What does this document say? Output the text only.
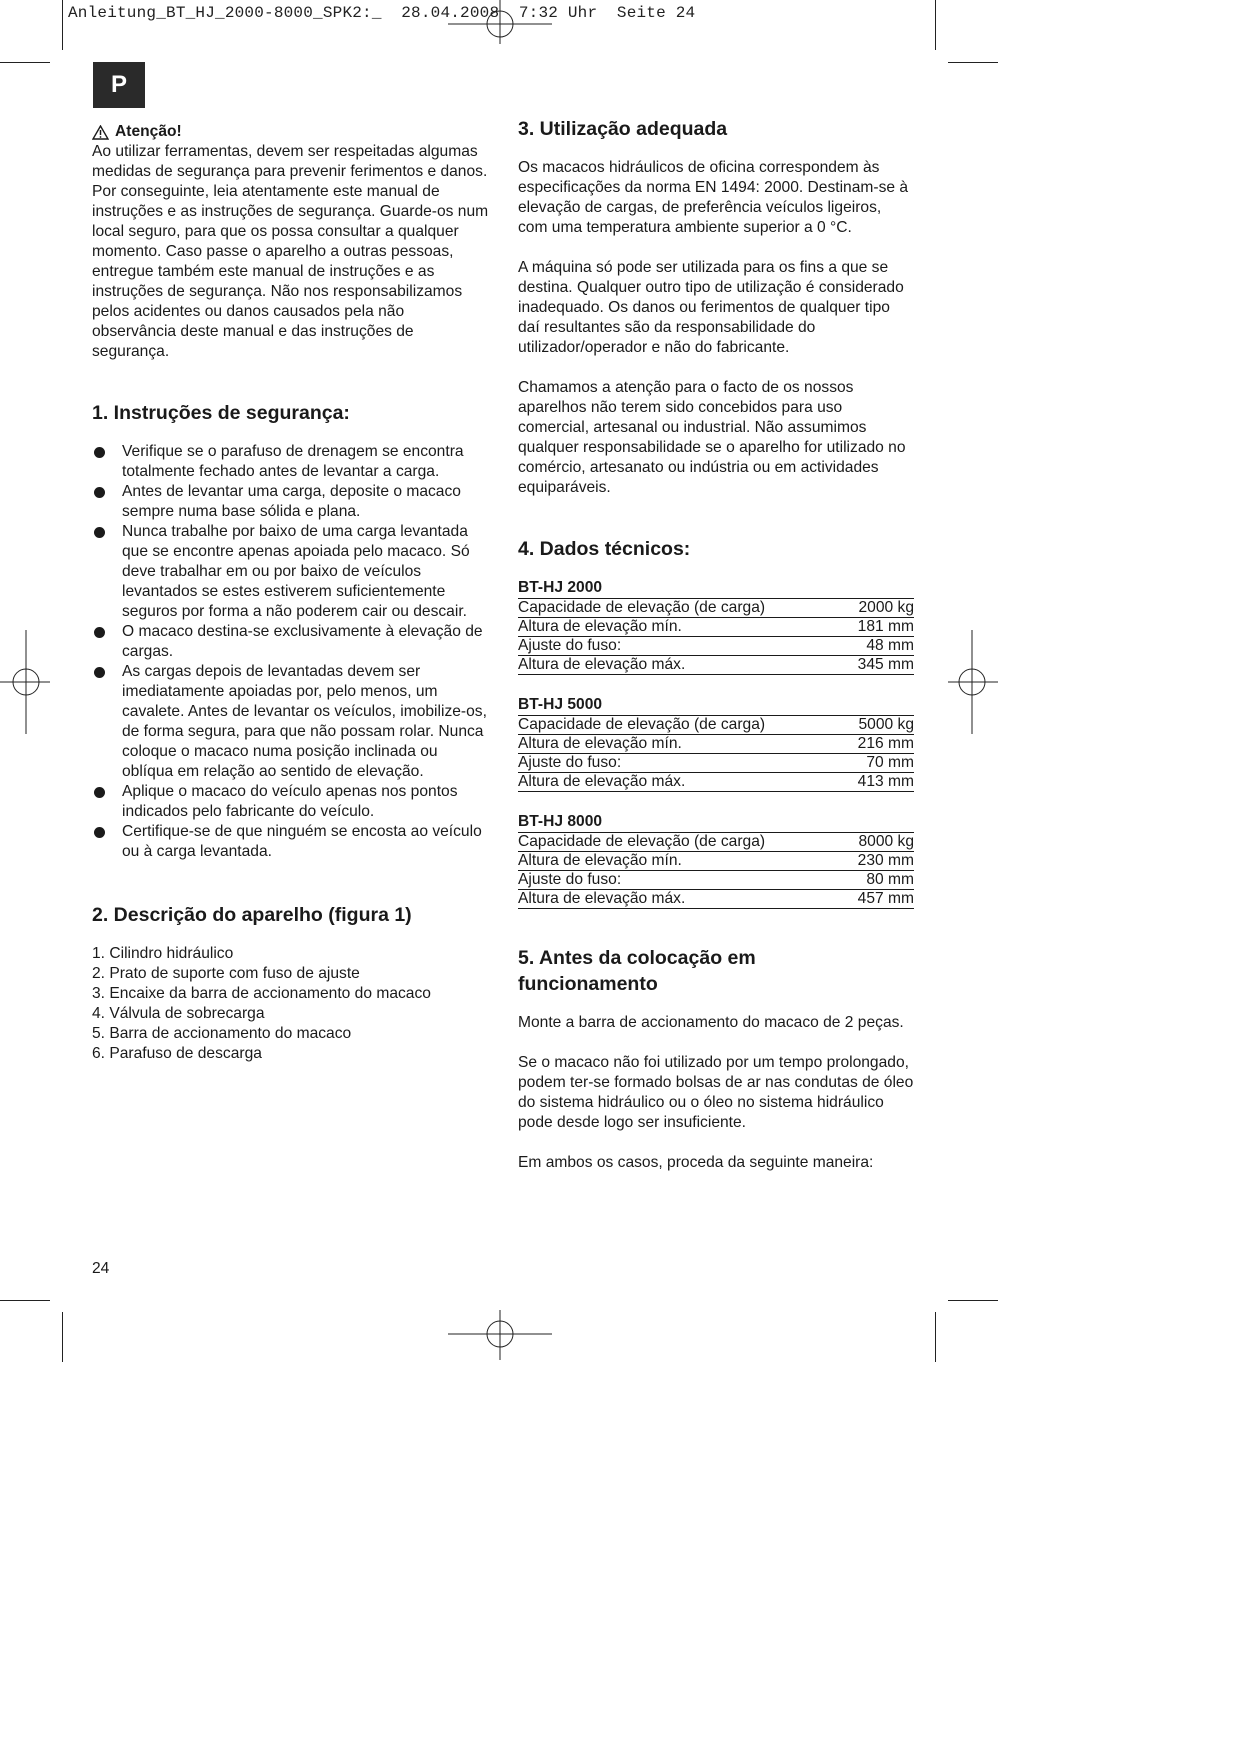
Anleitung_BT_HJ_2000-8000_SPK2:_  28.04.2008  7:32 Uhr  Seite 24
P
Atenção!

Ao utilizar ferramentas, devem ser respeitadas algumas medidas de segurança para prevenir ferimentos e danos. Por conseguinte, leia atentamente este manual de instruções e as instruções de segurança. Guarde-os num local seguro, para que os possa consultar a qualquer momento. Caso passe o aparelho a outras pessoas, entregue também este manual de instruções e as instruções de segurança. Não nos responsabilizamos pelos acidentes ou danos causados pela não observância deste manual e das instruções de segurança.

1. Instruções de segurança:
Verifique se o parafuso de drenagem se encontra totalmente fechado antes de levantar a carga.
Antes de levantar uma carga, deposite o macaco sempre numa base sólida e plana.
Nunca trabalhe por baixo de uma carga levantada que se encontre apenas apoiada pelo macaco. Só deve trabalhar em ou por baixo de veículos levantados se estes estiverem suficientemente seguros por forma a não poderem cair ou descair.
O macaco destina-se exclusivamente à elevação de cargas.
As cargas depois de levantadas devem ser imediatamente apoiadas por, pelo menos, um cavalete. Antes de levantar os veículos, imobilize-os, de forma segura, para que não possam rolar. Nunca coloque o macaco numa posição inclinada ou oblíqua em relação ao sentido de elevação.
Aplique o macaco do veículo apenas nos pontos indicados pelo fabricante do veículo.
Certifique-se de que ninguém se encosta ao veículo ou à carga levantada.
2. Descrição do aparelho (figura 1)
1. Cilindro hidráulico
2. Prato de suporte com fuso de ajuste
3. Encaixe da barra de accionamento do macaco
4. Válvula de sobrecarga
5. Barra de accionamento do macaco
6. Parafuso de descarga
3. Utilização adequada

Os macacos hidráulicos de oficina correspondem às especificações da norma EN 1494: 2000. Destinam-se à elevação de cargas, de preferência veículos ligeiros, com uma temperatura ambiente superior a 0 °C.

A máquina só pode ser utilizada para os fins a que se destina. Qualquer outro tipo de utilização é considerado inadequado. Os danos ou ferimentos de qualquer tipo daí resultantes são da responsabilidade do utilizador/operador e não do fabricante.

Chamamos a atenção para o facto de os nossos aparelhos não terem sido concebidos para uso comercial, artesanal ou industrial. Não assumimos qualquer responsabilidade se o aparelho for utilizado no comércio, artesanato ou indústria ou em actividades equiparáveis.

4. Dados técnicos:
BT-HJ 2000
Capacidade de elevação (de carga)	2000 kg
Altura de elevação mín.	181 mm
Ajuste do fuso:	48 mm
Altura de elevação máx.	345 mm
BT-HJ 5000
Capacidade de elevação (de carga)	5000 kg
Altura de elevação mín.	216 mm
Ajuste do fuso:	70 mm
Altura de elevação máx.	413 mm
BT-HJ 8000
Capacidade de elevação (de carga)	8000 kg
Altura de elevação mín.	230 mm
Ajuste do fuso:	80 mm
Altura de elevação máx.	457 mm
5. Antes da colocação em funcionamento

Monte a barra de accionamento do macaco de 2 peças.

Se o macaco não foi utilizado por um tempo prolongado, podem ter-se formado bolsas de ar nas condutas de óleo do sistema hidráulico ou o óleo no sistema hidráulico pode desde logo ser insuficiente.

Em ambos os casos, proceda da seguinte maneira:

24
